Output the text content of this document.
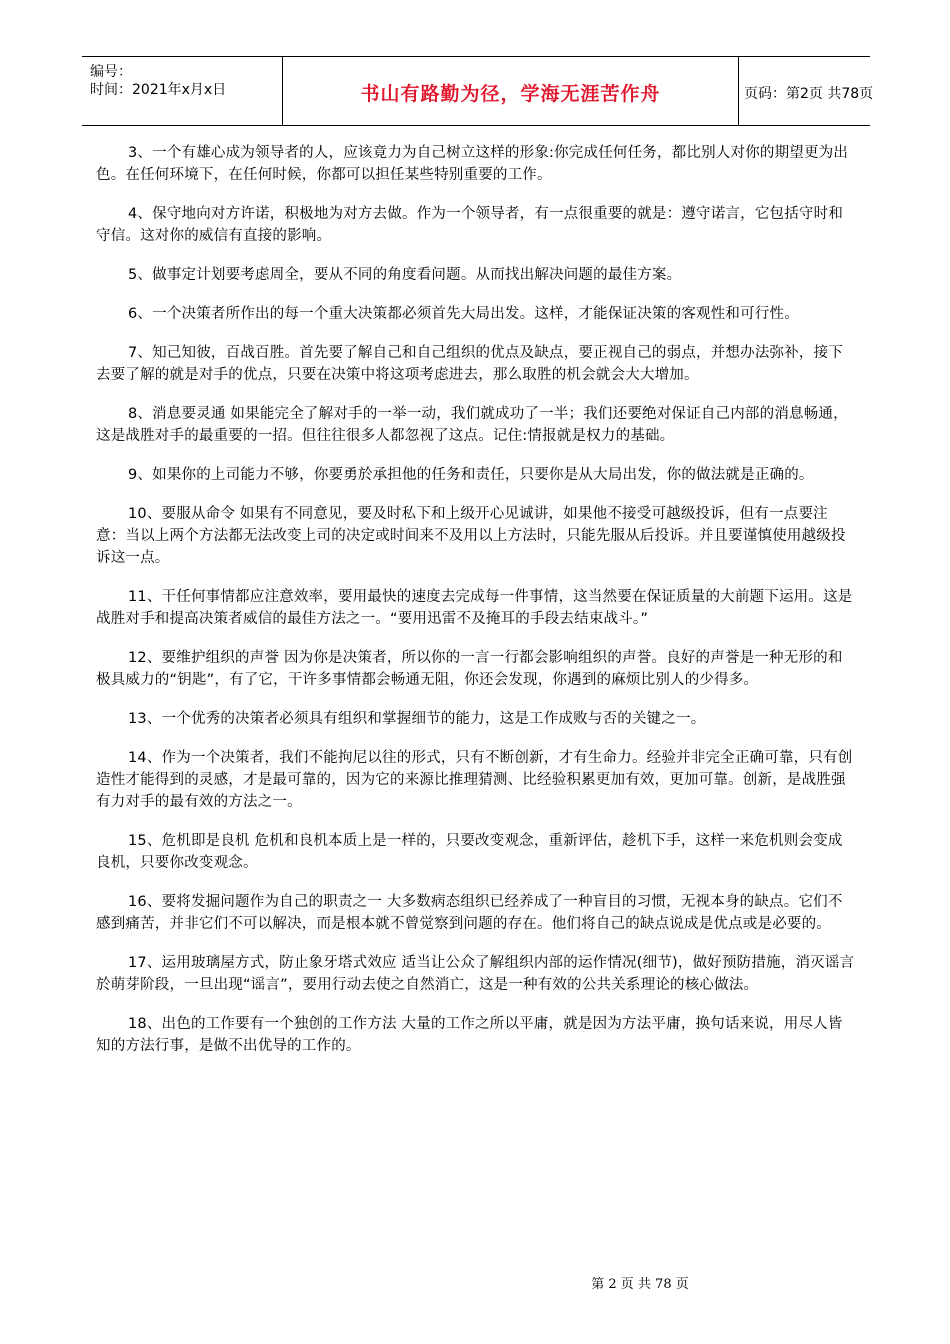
编号：
时间：2021年x月x日	书山有路勤为径，学海无涯苦作舟	页码：第2页 共78页

3、一个有雄心成为领导者的人，应该竟力为自己树立这样的形象:你完成任何任务，都比别人对你的期望更为出色。在任何环境下，在任何时候，你都可以担任某些特别重要的工作。

4、保守地向对方许诺，积极地为对方去做。作为一个领导者，有一点很重要的就是：遵守诺言，它包括守时和守信。这对你的威信有直接的影响。

5、做事定计划要考虑周全，要从不同的角度看问题。从而找出解决问题的最佳方案。

6、一个决策者所作出的每一个重大决策都必须首先大局出发。这样，才能保证决策的客观性和可行性。

7、知己知彼，百战百胜。首先要了解自己和自己组织的优点及缺点，要正视自己的弱点，并想办法弥补，接下去要了解的就是对手的优点，只要在决策中将这项考虑进去，那么取胜的机会就会大大增加。

8、消息要灵通 如果能完全了解对手的一举一动，我们就成功了一半；我们还要绝对保证自己内部的消息畅通，这是战胜对手的最重要的一招。但往往很多人都忽视了这点。记住:情报就是权力的基础。

9、如果你的上司能力不够，你要勇於承担他的任务和责任，只要你是从大局出发，你的做法就是正确的。

10、要服从命令 如果有不同意见，要及时私下和上级开心见诚讲，如果他不接受可越级投诉，但有一点要注意：当以上两个方法都无法改变上司的决定或时间来不及用以上方法时，只能先服从后投诉。并且要谨慎使用越级投诉这一点。

11、干任何事情都应注意效率，要用最快的速度去完成每一件事情，这当然要在保证质量的大前题下运用。这是战胜对手和提高决策者威信的最佳方法之一。“要用迅雷不及掩耳的手段去结束战斗。”

12、要维护组织的声誉 因为你是决策者，所以你的一言一行都会影响组织的声誉。良好的声誉是一种无形的和极具威力的“钥匙”，有了它，干许多事情都会畅通无阻，你还会发现，你遇到的麻烦比别人的少得多。

13、一个优秀的决策者必须具有组织和掌握细节的能力，这是工作成败与否的关键之一。

14、作为一个决策者，我们不能拘尼以往的形式，只有不断创新，才有生命力。经验并非完全正确可靠，只有创造性才能得到的灵感，才是最可靠的，因为它的来源比推理猜测、比经验积累更加有效，更加可靠。创新，是战胜强有力对手的最有效的方法之一。

15、危机即是良机 危机和良机本质上是一样的，只要改变观念，重新评估，趁机下手，这样一来危机则会变成良机，只要你改变观念。

16、要将发掘问题作为自己的职责之一 大多数病态组织已经养成了一种盲目的习惯，无视本身的缺点。它们不感到痛苦，并非它们不可以解决，而是根本就不曾觉察到问题的存在。他们将自己的缺点说成是优点或是必要的。

17、运用玻璃屋方式，防止象牙塔式效应 适当让公众了解组织内部的运作情况(细节)，做好预防措施，消灭谣言於萌芽阶段，一旦出现“谣言”，要用行动去使之自然消亡，这是一种有效的公共关系理论的核心做法。

18、出色的工作要有一个独创的工作方法 大量的工作之所以平庸，就是因为方法平庸，换句话来说，用尽人皆知的方法行事，是做不出优导的工作的。

第 2 页 共 78 页
